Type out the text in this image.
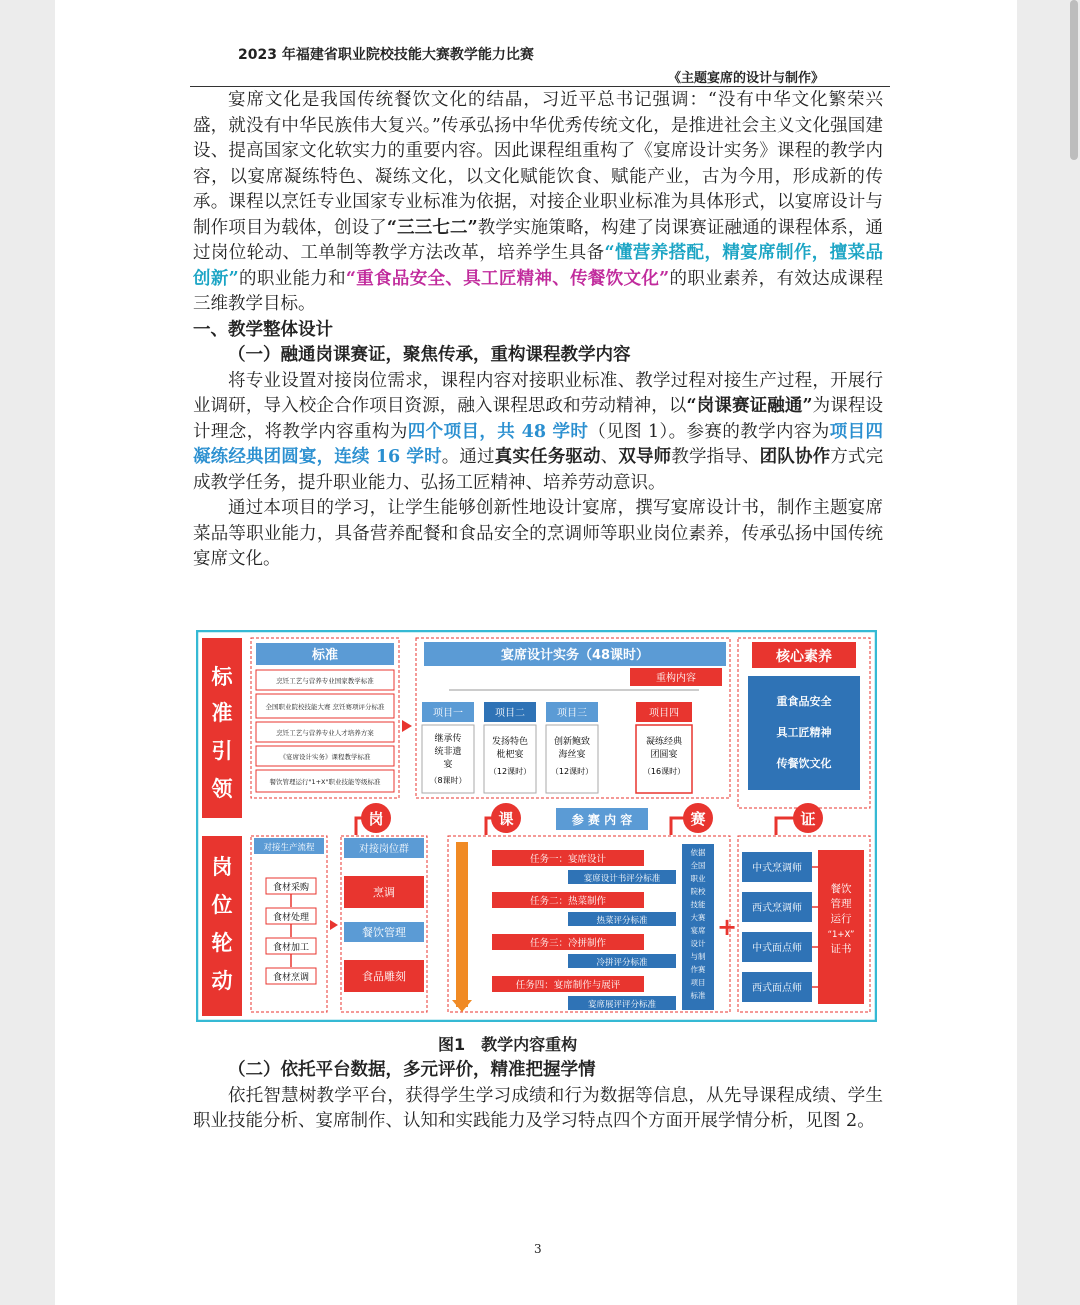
2023 年福建省职业院校技能大赛教学能力比赛
《主题宴席的设计与制作》

宴席文化是我国传统餐饮文化的结晶，习近平总书记强调：“没有中华文化繁荣兴盛，就没有中华民族伟大复兴。”传承弘扬中华优秀传统文化，是推进社会主义文化强国建设、提高国家文化软实力的重要内容。因此课程组重构了《宴席设计实务》课程的教学内容，以宴席凝练特色、凝练文化，以文化赋能饮食、赋能产业，古为今用，形成新的传承。课程以烹饪专业国家专业标准为依据，对接企业职业标准为具体形式，以宴席设计与制作项目为载体，创设了“三三七二”教学实施策略，构建了岗课赛证融通的课程体系，通过岗位轮动、工单制等教学方法改革，培养学生具备“懂营养搭配，精宴席制作，擅菜品创新”的职业能力和“重食品安全、具工匠精神、传餐饮文化”的职业素养，有效达成课程三维教学目标。

一、教学整体设计

（一）融通岗课赛证，聚焦传承，重构课程教学内容

将专业设置对接岗位需求，课程内容对接职业标准、教学过程对接生产过程，开展行业调研，导入校企合作项目资源，融入课程思政和劳动精神，以“岗课赛证融通”为课程设计理念，将教学内容重构为四个项目，共 48 学时（见图 1）。参赛的教学内容为项目四凝练经典团圆宴，连续 16 学时。通过真实任务驱动、双导师教学指导、团队协作方式完成教学任务，提升职业能力、弘扬工匠精神、培养劳动意识。

通过本项目的学习，让学生能够创新性地设计宴席，撰写宴席设计书，制作主题宴席菜品等职业能力，具备营养配餐和食品安全的烹调师等职业岗位素养，传承弘扬中国传统宴席文化。

标
准
引
领
岗
位
轮
动
标准
烹饪工艺与营养专业国家教学标准
全国职业院校技能大赛 烹饪赛项评分标准
烹饪工艺与营养专业人才培养方案
《宴席设计实务》课程教学标准
餐饮管理运行"1+X"职业技能等级标准
宴席设计实务（48课时）
重构内容
项目一
继承传
统非遗
宴
（8课时）
项目二
发扬特色
枇杷宴
（12课时）
项目三
创新鲍致
海丝宴
（12课时）
项目四
凝练经典
团圆宴
（16课时）
核心素养
重食品安全
具工匠精神
传餐饮文化
岗	课	赛	证
参 赛 内 容
对接生产流程
食材采购
食材处理
食材加工
食材烹调
对接岗位群
烹调
餐饮管理
食品雕刻
任务一：宴席设计
宴席设计书评分标准
任务二：热菜制作
热菜评分标准
任务三：冷拼制作
冷拼评分标准
任务四：宴席制作与展评
宴席展评评分标准
依据
全国
职业
院校
技能
大赛
宴席
设计
与制
作赛
项目
标准
+
中式烹调师
西式烹调师
中式面点师
西式面点师
餐饮
管理
运行
“1+X”
证书
图1　教学内容重构

（二）依托平台数据，多元评价，精准把握学情

依托智慧树教学平台，获得学生学习成绩和行为数据等信息，从先导课程成绩、学生职业技能分析、宴席制作、认知和实践能力及学习特点四个方面开展学情分析，见图 2。

3
